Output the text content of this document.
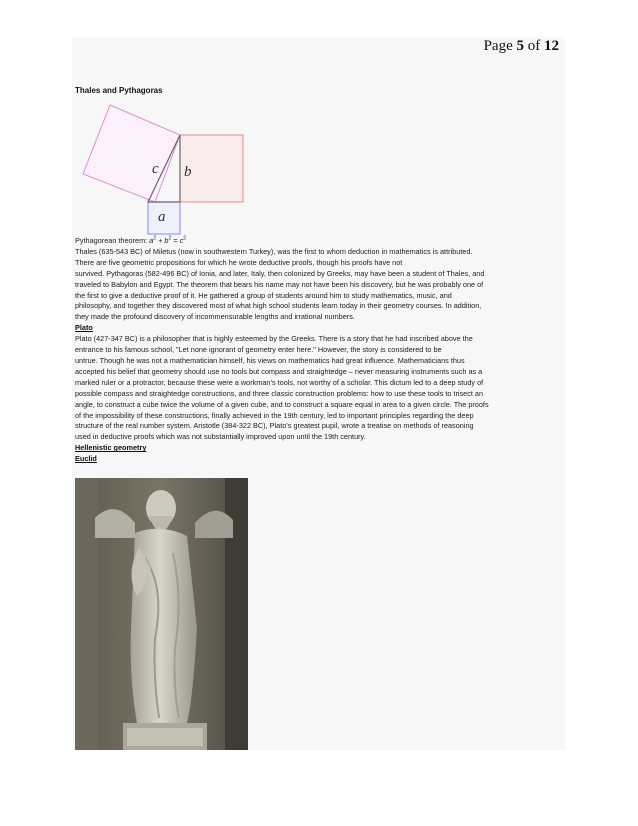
Page 5 of 12
Thales and Pythagoras
c b
a

Pythagorean theorem: $a^2 + b^2 = c^2$

Thales (635-543 BC) of Miletus (now in southwestern Turkey), was the first to whom deduction in mathematics is attributed.

There are five geometric propositions for which he wrote deductive proofs, though his proofs have not

survived. Pythagoras (582-496 BC) of Ionia, and later, Italy, then colonized by Greeks, may have been a student of Thales, and

traveled to Babylon and Egypt. The theorem that bears his name may not have been his discovery, but he was probably one of

the first to give a deductive proof of it. He gathered a group of students around him to study mathematics, music, and

philosophy, and together they discovered most of what high school students learn today in their geometry courses. In addition,

they made the profound discovery of incommensurable lengths and irrational numbers.

Plato

Plato (427-347 BC) is a philosopher that is highly esteemed by the Greeks. There is a story that he had inscribed above the

entrance to his famous school, "Let none ignorant of geometry enter here." However, the story is considered to be

untrue. Though he was not a mathematician himself, his views on mathematics had great influence. Mathematicians thus

accepted his belief that geometry should use no tools but compass and straightedge – never measuring instruments such as a

marked ruler or a protractor, because these were a workman’s tools, not worthy of a scholar. This dictum led to a deep study of

possible compass and straightedge constructions, and three classic construction problems: how to use these tools to trisect an

angle, to construct a cube twice the volume of a given cube, and to construct a square equal in area to a given circle. The proofs

of the impossibility of these constructions, finally achieved in the 19th century, led to important principles regarding the deep

structure of the real number system. Aristotle (384-322 BC), Plato’s greatest pupil, wrote a treatise on methods of reasoning

used in deductive proofs which was not substantially improved upon until the 19th century.

Hellenistic geometry

Euclid
